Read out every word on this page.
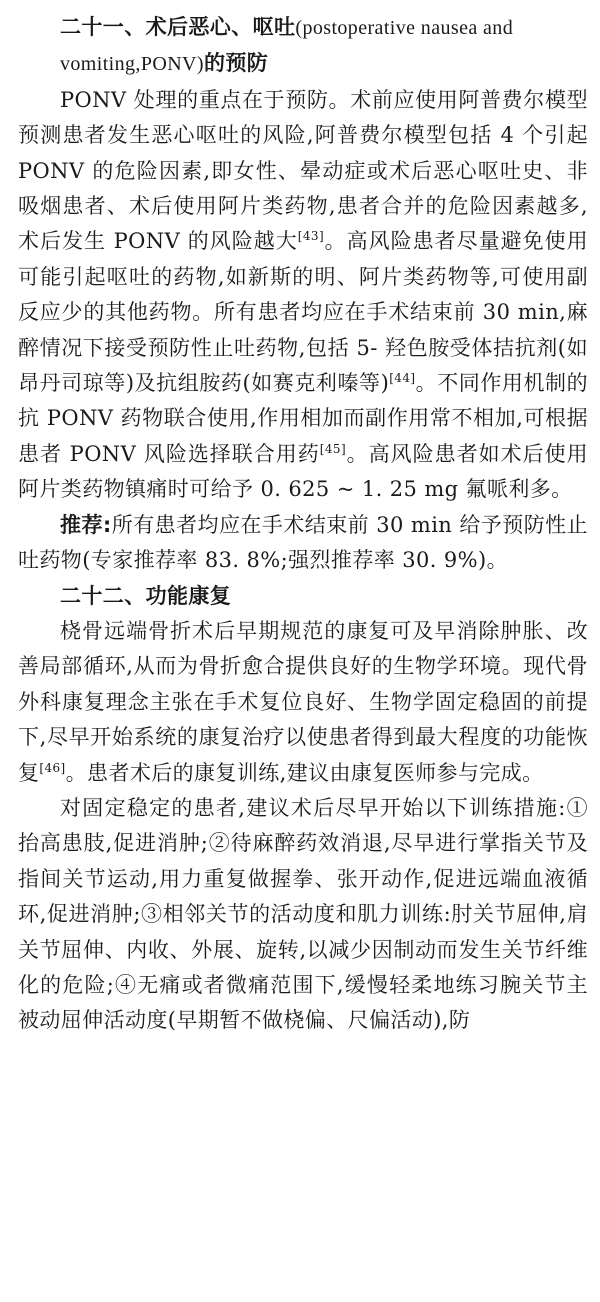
二十一、术后恶心、呕吐(postoperative nausea and vomiting,PONV)的预防

PONV 处理的重点在于预防。术前应使用阿普费尔模型预测患者发生恶心呕吐的风险,阿普费尔模型包括 4 个引起 PONV 的危险因素,即女性、晕动症或术后恶心呕吐史、非吸烟患者、术后使用阿片类药物,患者合并的危险因素越多,术后发生 PONV 的风险越大[43]。高风险患者尽量避免使用可能引起呕吐的药物,如新斯的明、阿片类药物等,可使用副反应少的其他药物。所有患者均应在手术结束前 30 min,麻醉情况下接受预防性止吐药物,包括 5- 羟色胺受体拮抗剂(如昂丹司琼等)及抗组胺药(如赛克利嗪等)[44]。不同作用机制的抗 PONV 药物联合使用,作用相加而副作用常不相加,可根据患者 PONV 风险选择联合用药[45]。高风险患者如术后使用阿片类药物镇痛时可给予 0. 625 ~ 1. 25 mg 氟哌利多。

推荐:所有患者均应在手术结束前 30 min 给予预防性止吐药物(专家推荐率 83. 8%;强烈推荐率 30. 9%)。

二十二、功能康复

桡骨远端骨折术后早期规范的康复可及早消除肿胀、改善局部循环,从而为骨折愈合提供良好的生物学环境。现代骨外科康复理念主张在手术复位良好、生物学固定稳固的前提下,尽早开始系统的康复治疗以使患者得到最大程度的功能恢复[46]。患者术后的康复训练,建议由康复医师参与完成。

对固定稳定的患者,建议术后尽早开始以下训练措施:①抬高患肢,促进消肿;②待麻醉药效消退,尽早进行掌指关节及指间关节运动,用力重复做握拳、张开动作,促进远端血液循环,促进消肿;③相邻关节的活动度和肌力训练:肘关节屈伸,肩关节屈伸、内收、外展、旋转,以减少因制动而发生关节纤维化的危险;④无痛或者微痛范围下,缓慢轻柔地练习腕关节主被动屈伸活动度(早期暂不做桡偏、尺偏活动),防
